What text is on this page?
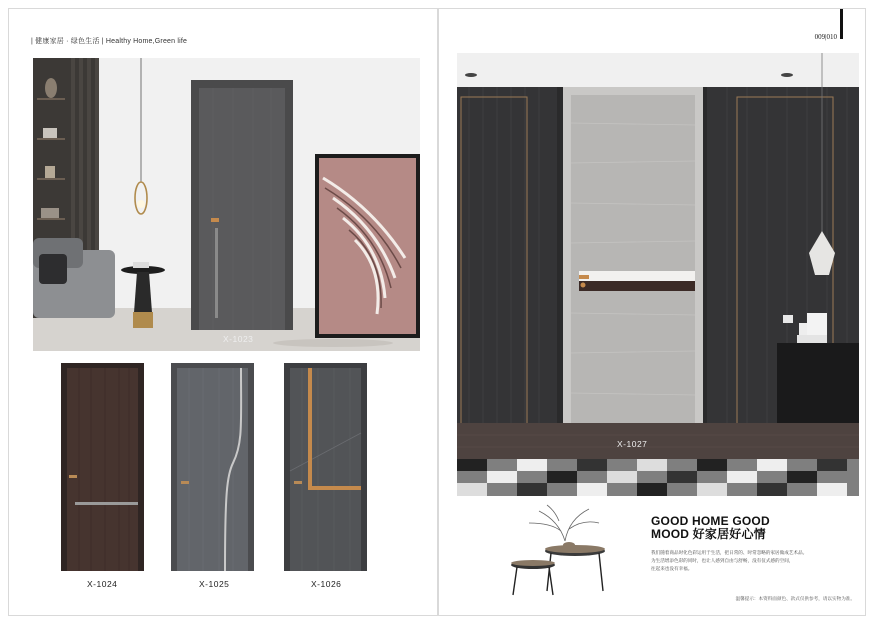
| 健康家居 · 绿色生活 | Healthy Home,Green life
X-1023
X-1024	X-1025	X-1026
009|010
X-1027
GOOD HOME GOOD
MOOD 好家居好心情
我们随着商品时化色彩运用于生活，把日常的、时常忽略的家居做成艺术品。
为生活增添色彩的同时，也让人感到自由与舒畅，没有仪式感的空间，
往起来也没有幸福。
温馨提示：本资料面颜色、款式仅供参考，请以实物为准。
